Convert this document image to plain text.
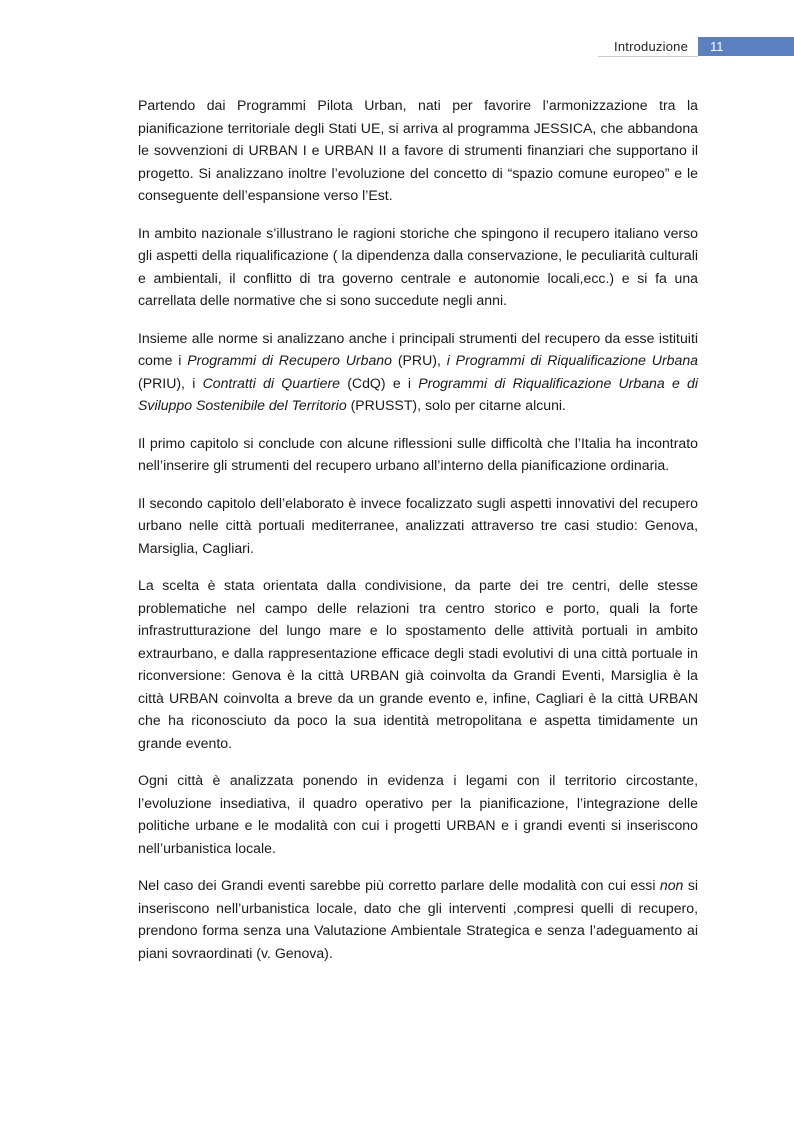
Introduzione 11

Partendo dai Programmi Pilota Urban, nati per favorire l’armonizzazione tra la pianificazione territoriale degli Stati UE, si arriva al programma JESSICA, che abbandona le sovvenzioni di URBAN I e URBAN II a favore di strumenti finanziari che supportano il progetto. Si analizzano inoltre l’evoluzione del concetto di “spazio comune europeo” e le conseguente dell’espansione verso l’Est.

In ambito nazionale s’illustrano le ragioni storiche che spingono il recupero italiano verso gli aspetti della riqualificazione ( la dipendenza dalla conservazione, le peculiarità culturali e ambientali, il conflitto di tra governo centrale e autonomie locali,ecc.) e si fa una carrellata delle normative che si sono succedute negli anni.

Insieme alle norme si analizzano anche i principali strumenti del recupero da esse istituiti come i Programmi di Recupero Urbano (PRU), i Programmi di Riqualificazione Urbana (PRIU), i Contratti di Quartiere (CdQ) e i Programmi di Riqualificazione Urbana e di Sviluppo Sostenibile del Territorio (PRUSST), solo per citarne alcuni.

Il primo capitolo si conclude con alcune riflessioni sulle difficoltà che l’Italia ha incontrato nell’inserire gli strumenti del recupero urbano all’interno della pianificazione ordinaria.

Il secondo capitolo dell’elaborato è invece focalizzato sugli aspetti innovativi del recupero urbano nelle città portuali mediterranee, analizzati attraverso tre casi studio: Genova, Marsiglia, Cagliari.

La scelta è stata orientata dalla condivisione, da parte dei tre centri, delle stesse problematiche nel campo delle relazioni tra centro storico e porto, quali la forte infrastrutturazione del lungo mare e lo spostamento delle attività portuali in ambito extraurbano, e dalla rappresentazione efficace degli stadi evolutivi di una città portuale in riconversione: Genova è la città URBAN già coinvolta da Grandi Eventi, Marsiglia è la città URBAN coinvolta a breve da un grande evento e, infine, Cagliari è la città URBAN che ha riconosciuto da poco la sua identità metropolitana e aspetta timidamente un grande evento.

Ogni città è analizzata ponendo in evidenza i legami con il territorio circostante, l’evoluzione insediativa, il quadro operativo per la pianificazione, l’integrazione delle politiche urbane e le modalità con cui i progetti URBAN e i grandi eventi si inseriscono nell’urbanistica locale.

Nel caso dei Grandi eventi sarebbe più corretto parlare delle modalità con cui essi non si inseriscono nell’urbanistica locale, dato che gli interventi ,compresi quelli di recupero, prendono forma senza una Valutazione Ambientale Strategica e senza l’adeguamento ai piani sovraordinati (v. Genova).
